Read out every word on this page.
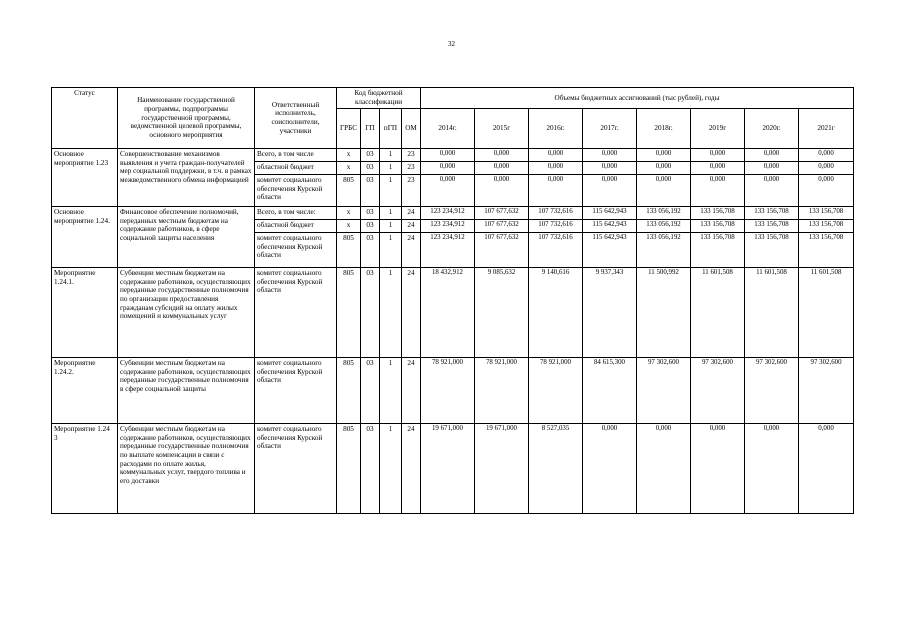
32
Статус	Наименование государственной программы, подпрограммы государственной программы, ведомственной целевой программы, основного мероприятия	Ответственный исполнитель, соисполнители, участники	Код бюджетной классификации				Объемы бюджетных ассигнований (тыс рублей), годы							
			ГРБС	ГП	пГП	ОМ	2014г.	2015г	2016г.	2017г.	2018г.	2019г	2020г.	2021г
Основное мероприятие 1.23	Совершенствование механизмов выявления и учета граждан-получателей мер социальной поддержки, в т.ч. в рамках межведомственного обмена информацией	Всего, в том числе	x	03	1	23	0,000	0,000	0,000	0,000	0,000	0,000	0,000	0,000
		областной бюджет	x	03	1	23	0,000	0,000	0,000	0,000	0,000	0,000	0,000	0,000
		комитет социального обеспечения Курской области	805	03	1	23	0,000	0,000	0,000	0,000	0,000	0,000	0,000	0,000
Основное мероприятие 1.24.	Финансовое обеспечение полномочий, переданных местным бюджетам на содержание работников, в сфере социальной защиты населения	Всего, в том числе:	x	03	1	24	123 234,912	107 677,632	107 732,616	115 642,943	133 056,192	133 156,708	133 156,708	133 156,708
		областной бюджет	x	03	1	24	123 234,912	107 677,632	107 732,616	115 642,943	133 056,192	133 156,708	133 156,708	133 156,708
		комитет социального обеспечения Курской области	805	03	1	24	123 234,912	107 677,632	107 732,616	115 642,943	133 056,192	133 156,708	133 156,708	133 156,708
Мероприятие 1.24.1.	Субвенции местным бюджетам на содержание работников, осуществляющих переданные государственные полномочия по организации предоставления гражданам субсидий на оплату жилых помещений и коммунальных услуг	комитет социального обеспечения Курской области	805	03	1	24	18 432,912	9 085,632	9 140,616	9 937,343	11 500,992	11 601,508	11 601,508	11 601,508
Мероприятие 1.24.2.	Субвенции местным бюджетам на содержание работников, осуществляющих переданные государственные полномочия в сфере социальной защиты	комитет социального обеспечения Курской области	805	03	1	24	78 921,000	78 921,000	78 921,000	84 615,300	97 302,600	97 302,600	97 302,600	97 302,600
Мероприятие 1.24 3	Субвенции местным бюджетам на содержание работников, осуществляющих переданные государственные полномочия по выплате компенсации в связи с расходами по оплате жилья, коммунальных услуг, твердого топлива и его доставки	комитет социального обеспечения Курской области	805	03	1	24	19 671,000	19 671,000	8 527,035	0,000	0,000	0,000	0,000	0,000
